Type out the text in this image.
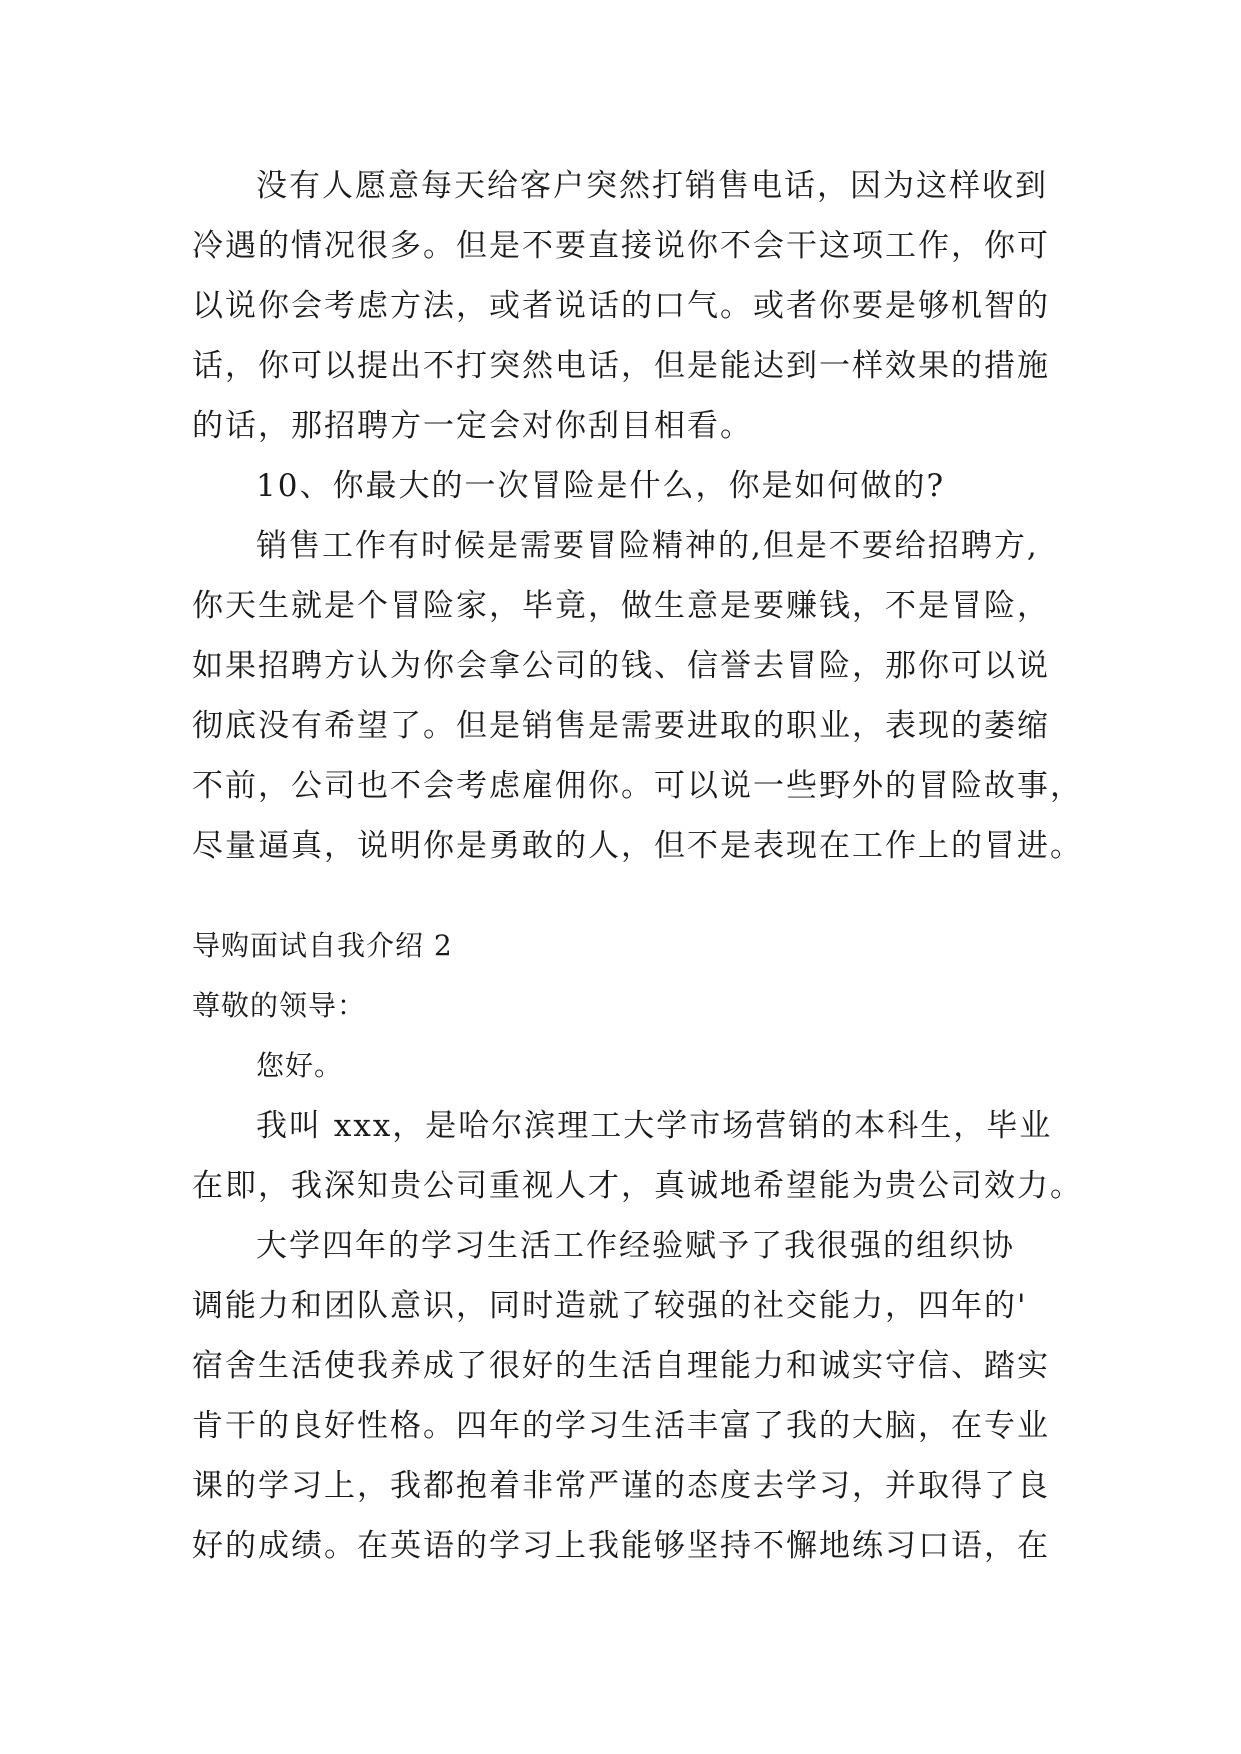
没有人愿意每天给客户突然打销售电话，因为这样收到
冷遇的情况很多。但是不要直接说你不会干这项工作，你可
以说你会考虑方法，或者说话的口气。或者你要是够机智的
话，你可以提出不打突然电话，但是能达到一样效果的措施
的话，那招聘方一定会对你刮目相看。
10、你最大的一次冒险是什么，你是如何做的?
销售工作有时候是需要冒险精神的,但是不要给招聘方,
你天生就是个冒险家，毕竟，做生意是要赚钱，不是冒险，
如果招聘方认为你会拿公司的钱、信誉去冒险，那你可以说
彻底没有希望了。但是销售是需要进取的职业，表现的萎缩
不前，公司也不会考虑雇佣你。可以说一些野外的冒险故事，
尽量逼真，说明你是勇敢的人，但不是表现在工作上的冒进。
导购面试自我介绍 2
尊敬的领导：
您好。
我叫 xxx，是哈尔滨理工大学市场营销的本科生，毕业
在即，我深知贵公司重视人才，真诚地希望能为贵公司效力。
大学四年的学习生活工作经验赋予了我很强的组织协
调能力和团队意识，同时造就了较强的社交能力，四年的'
宿舍生活使我养成了很好的生活自理能力和诚实守信、踏实
肯干的良好性格。四年的学习生活丰富了我的大脑，在专业
课的学习上，我都抱着非常严谨的态度去学习，并取得了良
好的成绩。在英语的学习上我能够坚持不懈地练习口语，在
